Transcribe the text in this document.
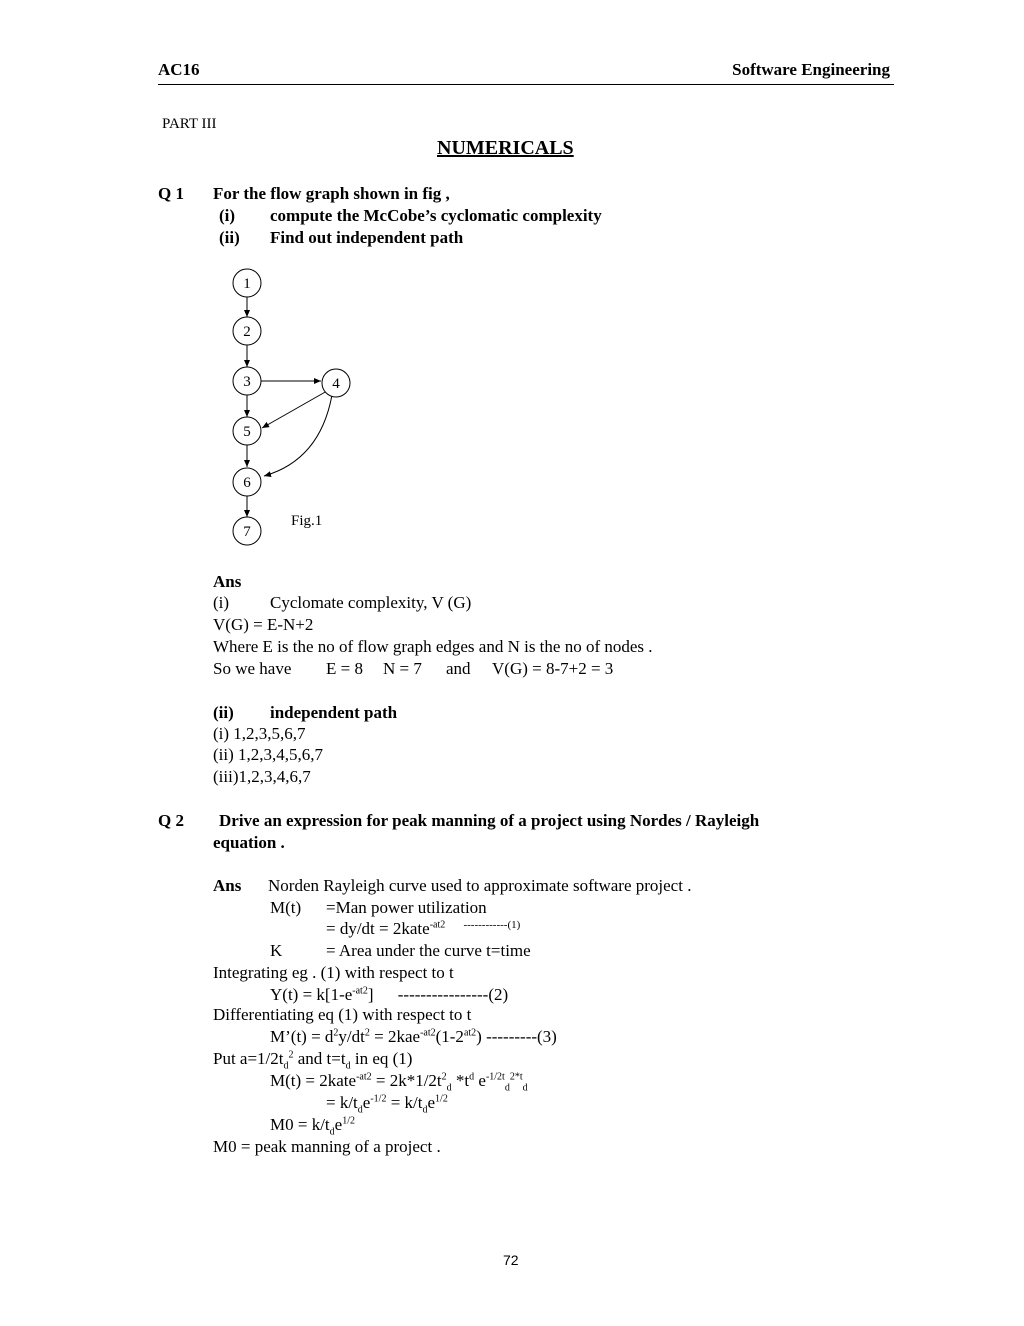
AC16	Software Engineering
PART III
NUMERICALS
Q 1 For the flow graph shown in fig ,
(i) compute the McCobe’s cyclomatic complexity
(ii) Find out independent path
1
2
3	4
5
6
7
Fig.1
Ans
(i) Cyclomate complexity, V (G)
V(G) = E-N+2
Where E is the no of flow graph edges and N is the no of nodes .
So we have E = 8 N = 7 and V(G) = 8-7+2 = 3
(ii) independent path
(i) 1,2,3,5,6,7
(ii) 1,2,3,4,5,6,7
(iii)1,2,3,4,6,7
Q 2 Drive an expression for peak manning of a project using Nordes / Rayleigh
equation .
Ans Norden Rayleigh curve used to approximate software project .
M(t) =Man power utilization
= dy/dt = 2kate$^{-at2}$ $^{------------(1)}$
K	= Area under the curve t=time
Integrating eg . (1) with respect to t
$Y(t) = k[1-e^{-at2}]$ ----------------(2)
Differentiating eq (1) with respect to t
M’(t) = $d^2y/dt^2 = 2kae^{-at2}(1-2^{at2})$ ---------(3)
Put $a=1/2t_d^2$ and $t=t_d$ in eq (1)
M(t) = 2kate$^{-at2}$ = $2k*1/2t^2_d$ $*t^d$ $e^{-1/2t}_d^{2*t}_d$
= $k/t_de^{-1/2} = k/t_de^{1/2}$
$M0 = k/t_de^{1/2}$
M0 = peak manning of a project .
72
